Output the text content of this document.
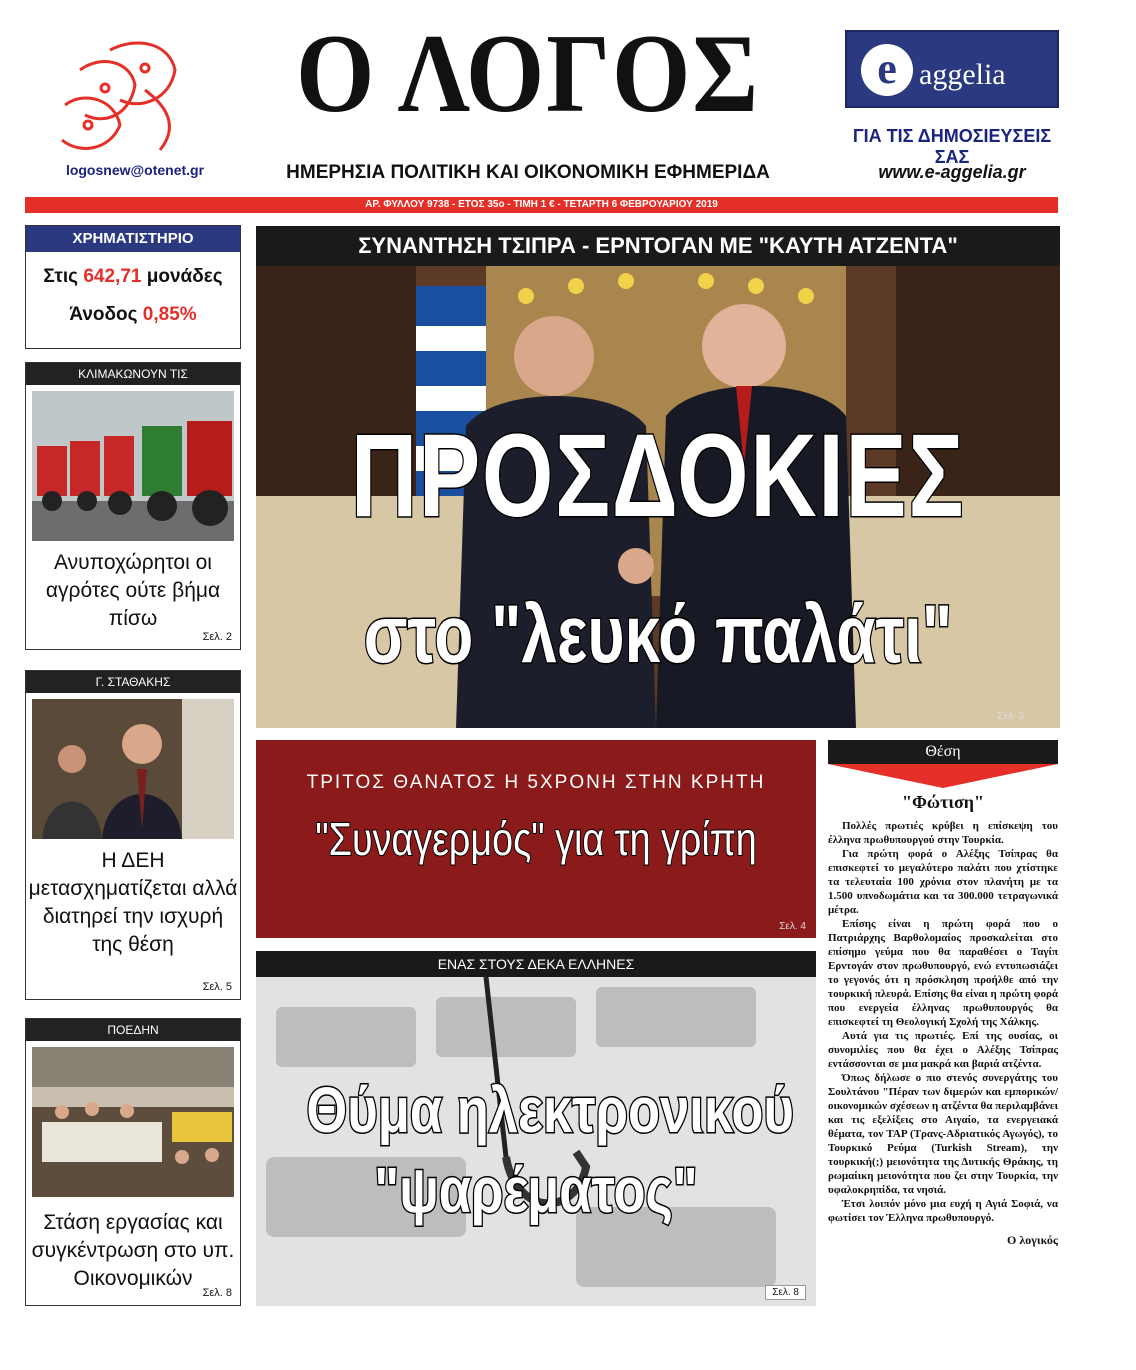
logosnew@otenet.gr
Ο ΛΟΓΟΣ
ΗΜΕΡΗΣΙΑ ΠΟΛΙΤΙΚΗ ΚΑΙ ΟΙΚΟΝΟΜΙΚΗ ΕΦΗΜΕΡΙΔΑ
e aggelia
ΓΙΑ ΤΙΣ ΔΗΜΟΣΙΕΥΣΕΙΣ ΣΑΣ
www.e-aggelia.gr
ΑΡ. ΦΥΛΛΟΥ 9738 - ΕΤΟΣ 35ο - ΤΙΜΗ 1 € - ΤΕΤΑΡΤΗ 6 ΦΕΒΡΟΥΑΡΙΟΥ 2019
ΧΡΗΜΑΤΙΣΤΗΡΙΟ
Στις 642,71 μονάδες
Άνοδος 0,85%
ΚΛΙΜΑΚΩΝΟΥΝ ΤΙΣ
Ανυποχώρητοι οι αγρότες ούτε βήμα πίσω
Σελ. 2
Γ. ΣΤΑΘΑΚΗΣ
Η ΔΕΗ μετασχηματίζεται αλλά διατηρεί την ισχυρή της θέση
Σελ. 5
ΠΟΕΔΗΝ
Στάση εργασίας και συγκέντρωση στο υπ. Οικονομικών
Σελ. 8
ΣΥΝΑΝΤΗΣΗ ΤΣΙΠΡΑ - ΕΡΝΤΟΓΑΝ ΜΕ "ΚΑΥΤΗ ΑΤΖΕΝΤΑ"
ΠΡΟΣΔΟΚΙΕΣ
στο "λευκό παλάτι"
Σελ. 3
ΤΡΙΤΟΣ ΘΑΝΑΤΟΣ Η 5ΧΡΟΝΗ ΣΤΗΝ ΚΡΗΤΗ
"Συναγερμός" για τη γρίπη
Σελ. 4
ΕΝΑΣ ΣΤΟΥΣ ΔΕΚΑ ΕΛΛΗΝΕΣ
Θύμα ηλεκτρονικού
"ψαρέματος"
Σελ. 8
Θέση
"Φώτιση"
Πολλές πρωτιές κρύβει η επίσκεψη του έλληνα πρωθυπουργού στην Τουρκία.
Για πρώτη φορά ο Αλέξης Τσίπρας θα επισκεφτεί το μεγαλύτερο παλάτι που χτίστηκε τα τελευταία 100 χρόνια στον πλανήτη με τα 1.500 υπνοδωμάτια και τα 300.000 τετραγωνικά μέτρα.
Επίσης είναι η πρώτη φορά που ο Πατριάρχης Βαρθολομαίος προσκαλείται στο επίσημο γεύμα που θα παραθέσει ο Ταγίπ Ερντογάν στον πρωθυπουργό, ενώ εντυπωσιάζει το γεγονός ότι η πρόσκληση προήλθε από την τουρκική πλευρά. Επίσης θα είναι η πρώτη φορά που ενεργεία έλληνας πρωθυπουργός θα επισκεφτεί τη Θεολογική Σχολή της Χάλκης.
Αυτά για τις πρωτιές. Επί της ουσίας, οι συνομιλίες που θα έχει ο Αλέξης Τσίπρας εντάσσονται σε μια μακρά και βαριά ατζέντα.
Όπως δήλωσε ο πιο στενός συνεργάτης του Σουλτάνου "Πέραν των διμερών και εμπορικών/οικονομικών σχέσεων η ατζέντα θα περιλαμβάνει και τις εξελίξεις στο Αιγαίο, τα ενεργειακά θέματα, τον TAP (Τρανς-Αδριατικός Αγωγός), το Τουρκικό Ρεύμα (Turkish Stream), την τουρκική(;) μειονότητα της Δυτικής Θράκης, τη ρωμαίικη μειονότητα που ζει στην Τουρκία, την υφαλοκρηπίδα, τα νησιά.
Έτσι λοιπόν μόνο μια ευχή η Αγιά Σοφιά, να φωτίσει τον Έλληνα πρωθυπουργό.
Ο λογικός
